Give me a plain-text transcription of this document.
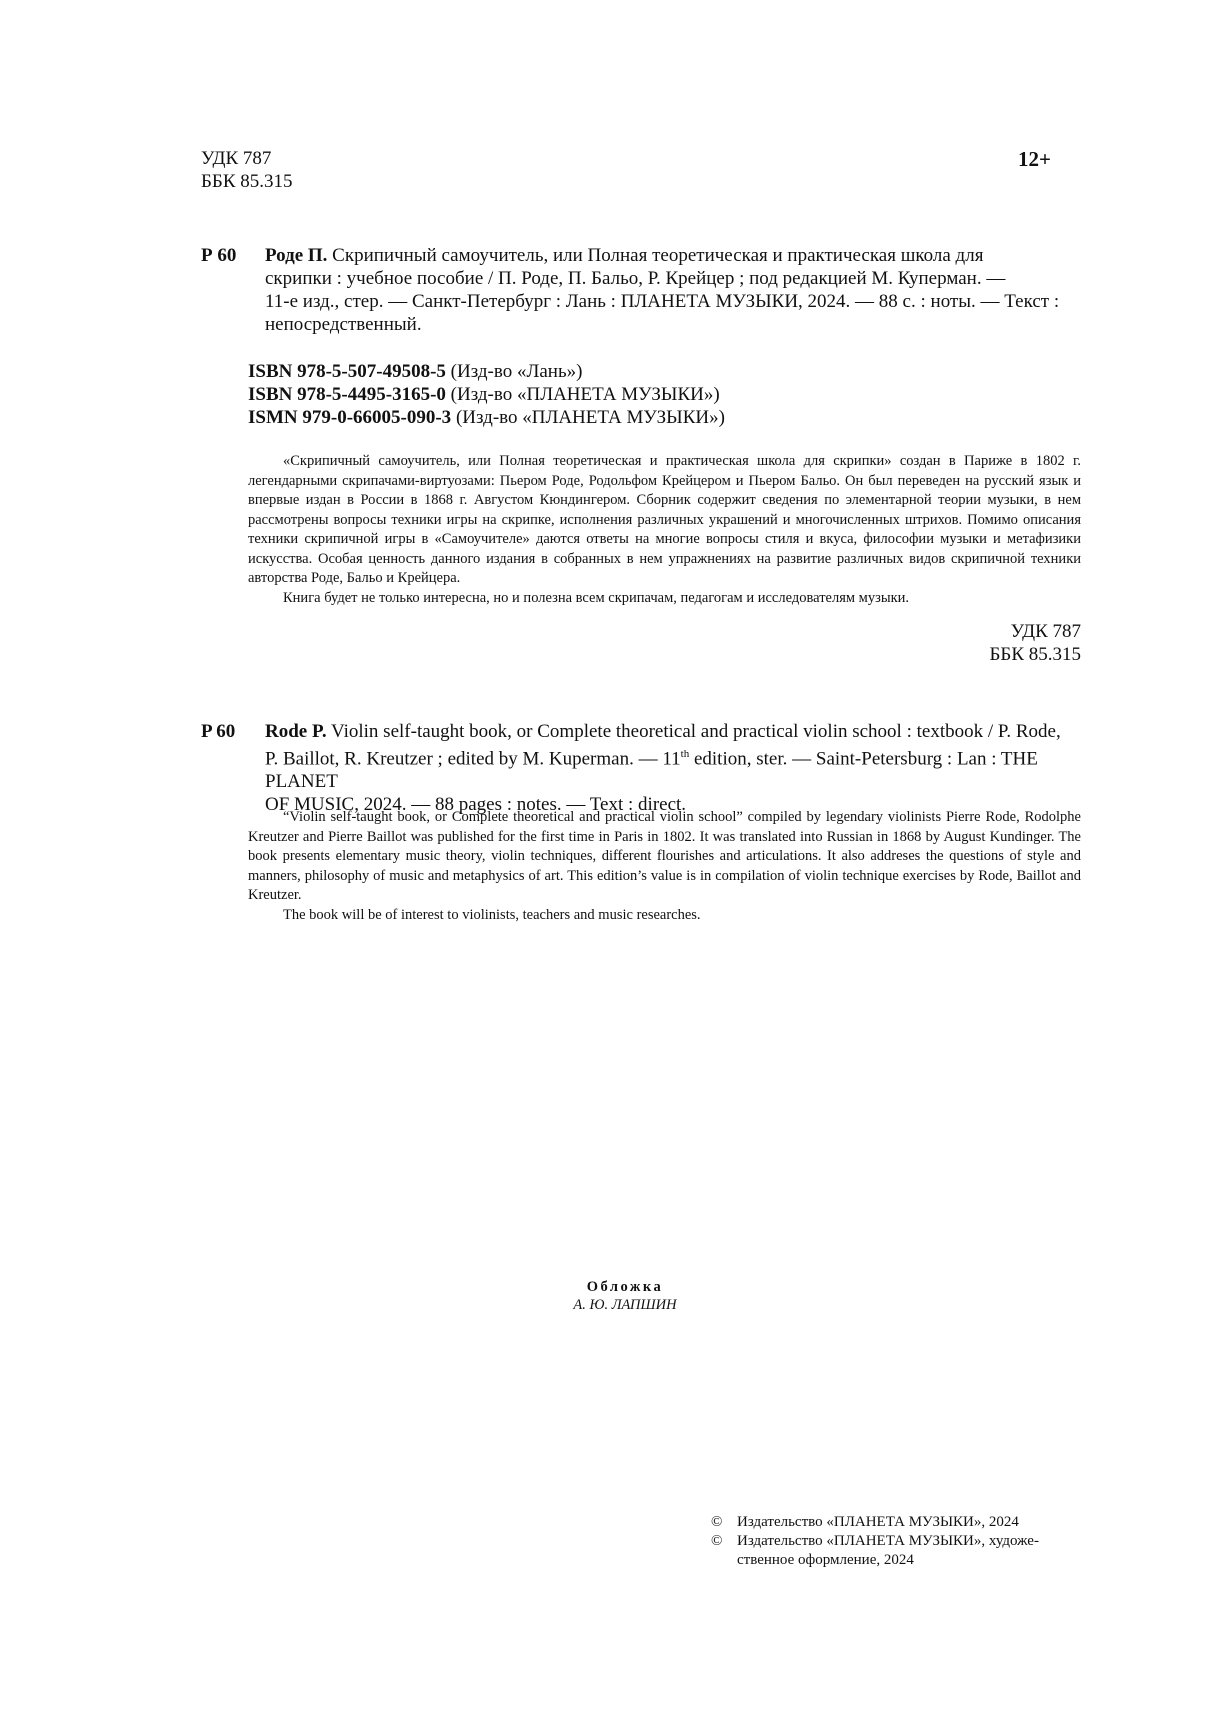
УДК 787
ББК 85.315
12+
Р 60	Роде П. Скрипичный самоучитель, или Полная теоретическая и практическая школа для
скрипки : учебное пособие / П. Роде, П. Бальо, Р. Крейцер ; под редакцией М. Куперман. —
11-е изд., стер. — Санкт-Петербург : Лань : ПЛАНЕТА МУЗЫКИ, 2024. — 88 с. : ноты. — Текст :
непосредственный.
ISBN 978-5-507-49508-5 (Изд-во «Лань»)
ISBN 978-5-4495-3165-0 (Изд-во «ПЛАНЕТА МУЗЫКИ»)
ISMN 979-0-66005-090-3 (Изд-во «ПЛАНЕТА МУЗЫКИ»)
«Скрипичный самоучитель, или Полная теоретическая и практическая школа для скрипки» создан в Париже в 1802 г. легендарными скрипачами-виртуозами: Пьером Роде, Родольфом Крейцером и Пьером Бальо. Он был переведен на русский язык и впервые издан в России в 1868 г. Августом Кюндингером. Сборник содержит сведения по элементарной теории музыки, в нем рассмотрены вопросы техники игры на скрипке, исполнения различных украшений и многочисленных штрихов. Помимо описания техники скрипичной игры в «Самоучителе» даются ответы на многие вопросы стиля и вкуса, философии музыки и метафизики искусства. Особая ценность данного издания в собранных в нем упражнениях на развитие различных видов скрипичной техники авторства Роде, Бальо и Крейцера.
Книга будет не только интересна, но и полезна всем скрипачам, педагогам и исследователям музыки.
УДК 787
ББК 85.315
P 60	Rode P. Violin self-taught book, or Complete theoretical and practical violin school : textbook / P. Rode,
P. Baillot, R. Kreutzer ; edited by M. Kuperman. — 11th edition, ster. — Saint-Petersburg : Lan : THE PLANET
OF MUSIC, 2024. — 88 pages : notes. — Text : direct.
“Violin self-taught book, or Complete theoretical and practical violin school” compiled by legendary violinists Pierre Rode, Rodolphe Kreutzer and Pierre Baillot was published for the first time in Paris in 1802. It was translated into Russian in 1868 by August Kundinger. The book presents elementary music theory, violin techniques, different flourishes and articulations. It also addreses the questions of style and manners, philosophy of music and metaphysics of art. This edition’s value is in compilation of violin technique exercises by Rode, Baillot and Kreutzer.
The book will be of interest to violinists, teachers and music researches.
Обложка
А. Ю. ЛАПШИН
© Издательство «ПЛАНЕТА МУЗЫКИ», 2024
© Издательство «ПЛАНЕТА МУЗЫКИ», художе-
ственное оформление, 2024
